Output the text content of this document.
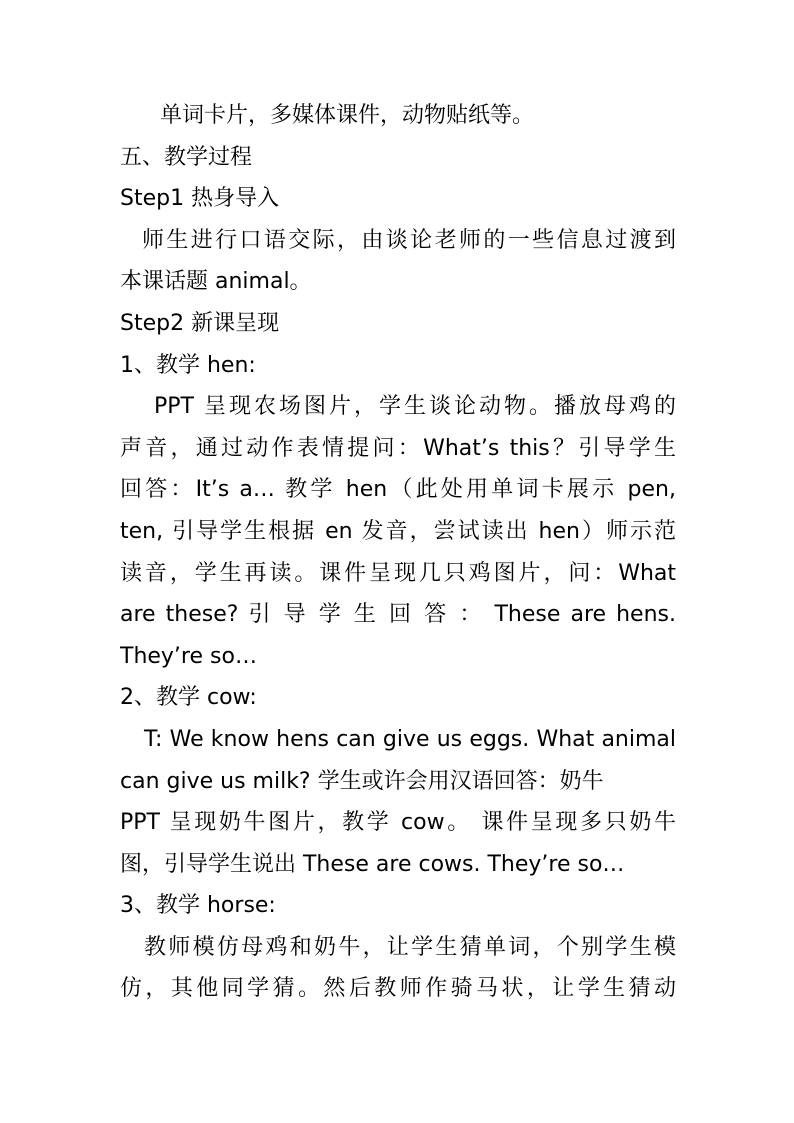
单词卡片，多媒体课件，动物贴纸等。
五、教学过程
Step1 热身导入
师生进行口语交际，由谈论老师的一些信息过渡到
本课话题 animal。
Step2 新课呈现
1、教学 hen:
PPT 呈现农场图片，学生谈论动物。播放母鸡的
声音，通过动作表情提问：What’s this？引导学生
回答：It’s a… 教学 hen（此处用单词卡展示 pen,
ten, 引导学生根据 en 发音，尝试读出 hen）师示范
读音，学生再读。课件呈现几只鸡图片，问：What
are these? 引 导 学 生 回 答 ： These are hens.
They’re so…
2、教学 cow:
T: We know hens can give us eggs. What animal
can give us milk? 学生或许会用汉语回答：奶牛
PPT 呈现奶牛图片，教学 cow。 课件呈现多只奶牛
图，引导学生说出 These are cows. They’re so…
3、教学 horse:
教师模仿母鸡和奶牛，让学生猜单词，个别学生模
仿，其他同学猜。然后教师作骑马状，让学生猜动
